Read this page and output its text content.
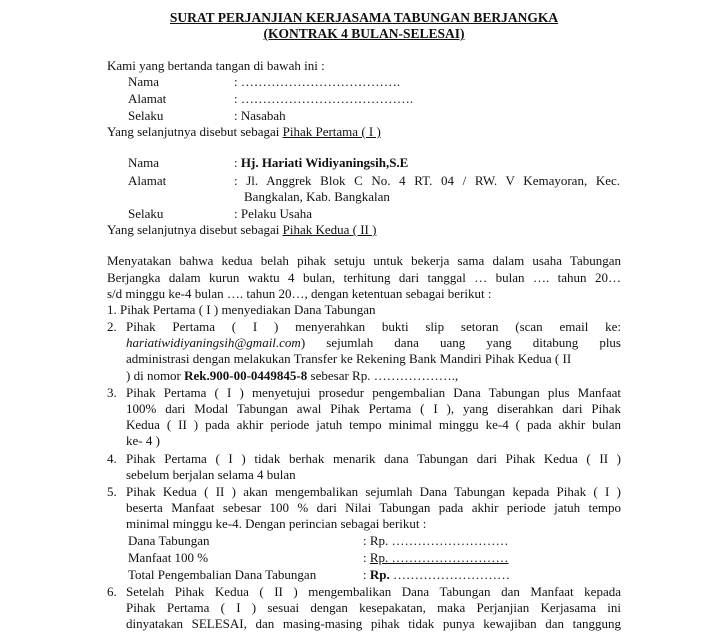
SURAT PERJANJIAN KERJASAMA TABUNGAN BERJANGKA
(KONTRAK 4 BULAN-SELESAI)
Kami yang bertanda tangan di bawah ini :
Nama	: ……………………………….
Alamat	: ………………………………….
Selaku	: Nasabah
Yang selanjutnya disebut sebagai Pihak Pertama ( I )
Nama	: Hj. Hariati Widiyaningsih,S.E
Alamat	: Jl. Anggrek Blok C No. 4 RT. 04 / RW. V Kemayoran, Kec.
Bangkalan, Kab. Bangkalan
Selaku	: Pelaku Usaha
Yang selanjutnya disebut sebagai Pihak Kedua ( II )
Menyatakan bahwa kedua belah pihak setuju untuk bekerja sama dalam usaha Tabungan
Berjangka dalam kurun waktu 4 bulan, terhitung dari tanggal … bulan …. tahun 20…
s/d minggu ke-4 bulan …. tahun 20…, dengan ketentuan sebagai berikut :
1. Pihak Pertama ( I ) menyediakan Dana Tabungan
2. Pihak Pertama ( I ) menyerahkan bukti slip setoran (scan email ke:
hariatiwidiyaningsih@gmail.com) sejumlah dana uang yang ditabung plus
administrasi dengan melakukan Transfer ke Rekening Bank Mandiri Pihak Kedua ( II
) di nomor Rek.900-00-0449845-8 sebesar Rp. ……………….,
3. Pihak Pertama ( I ) menyetujui prosedur pengembalian Dana Tabungan plus Manfaat
100% dari Modal Tabungan awal Pihak Pertama ( I ), yang diserahkan dari Pihak
Kedua ( II ) pada akhir periode jatuh tempo minimal minggu ke-4 ( pada akhir bulan
ke- 4 )
4. Pihak Pertama ( I ) tidak berhak menarik dana Tabungan dari Pihak Kedua ( II )
sebelum berjalan selama 4 bulan
5. Pihak Kedua ( II ) akan mengembalikan sejumlah Dana Tabungan kepada Pihak ( I )
beserta Manfaat sebesar 100 % dari Nilai Tabungan pada akhir periode jatuh tempo
minimal minggu ke-4. Dengan perincian sebagai berikut :
Dana Tabungan	: Rp. ………………………
Manfaat 100 %	: Rp. ………………………
Total Pengembalian Dana Tabungan	: Rp. ………………………
6. Setelah Pihak Kedua ( II ) mengembalikan Dana Tabungan dan Manfaat kepada
Pihak Pertama ( I ) sesuai dengan kesepakatan, maka Perjanjian Kerjasama ini
dinyatakan SELESAI, dan masing-masing pihak tidak punya kewajiban dan tanggung
